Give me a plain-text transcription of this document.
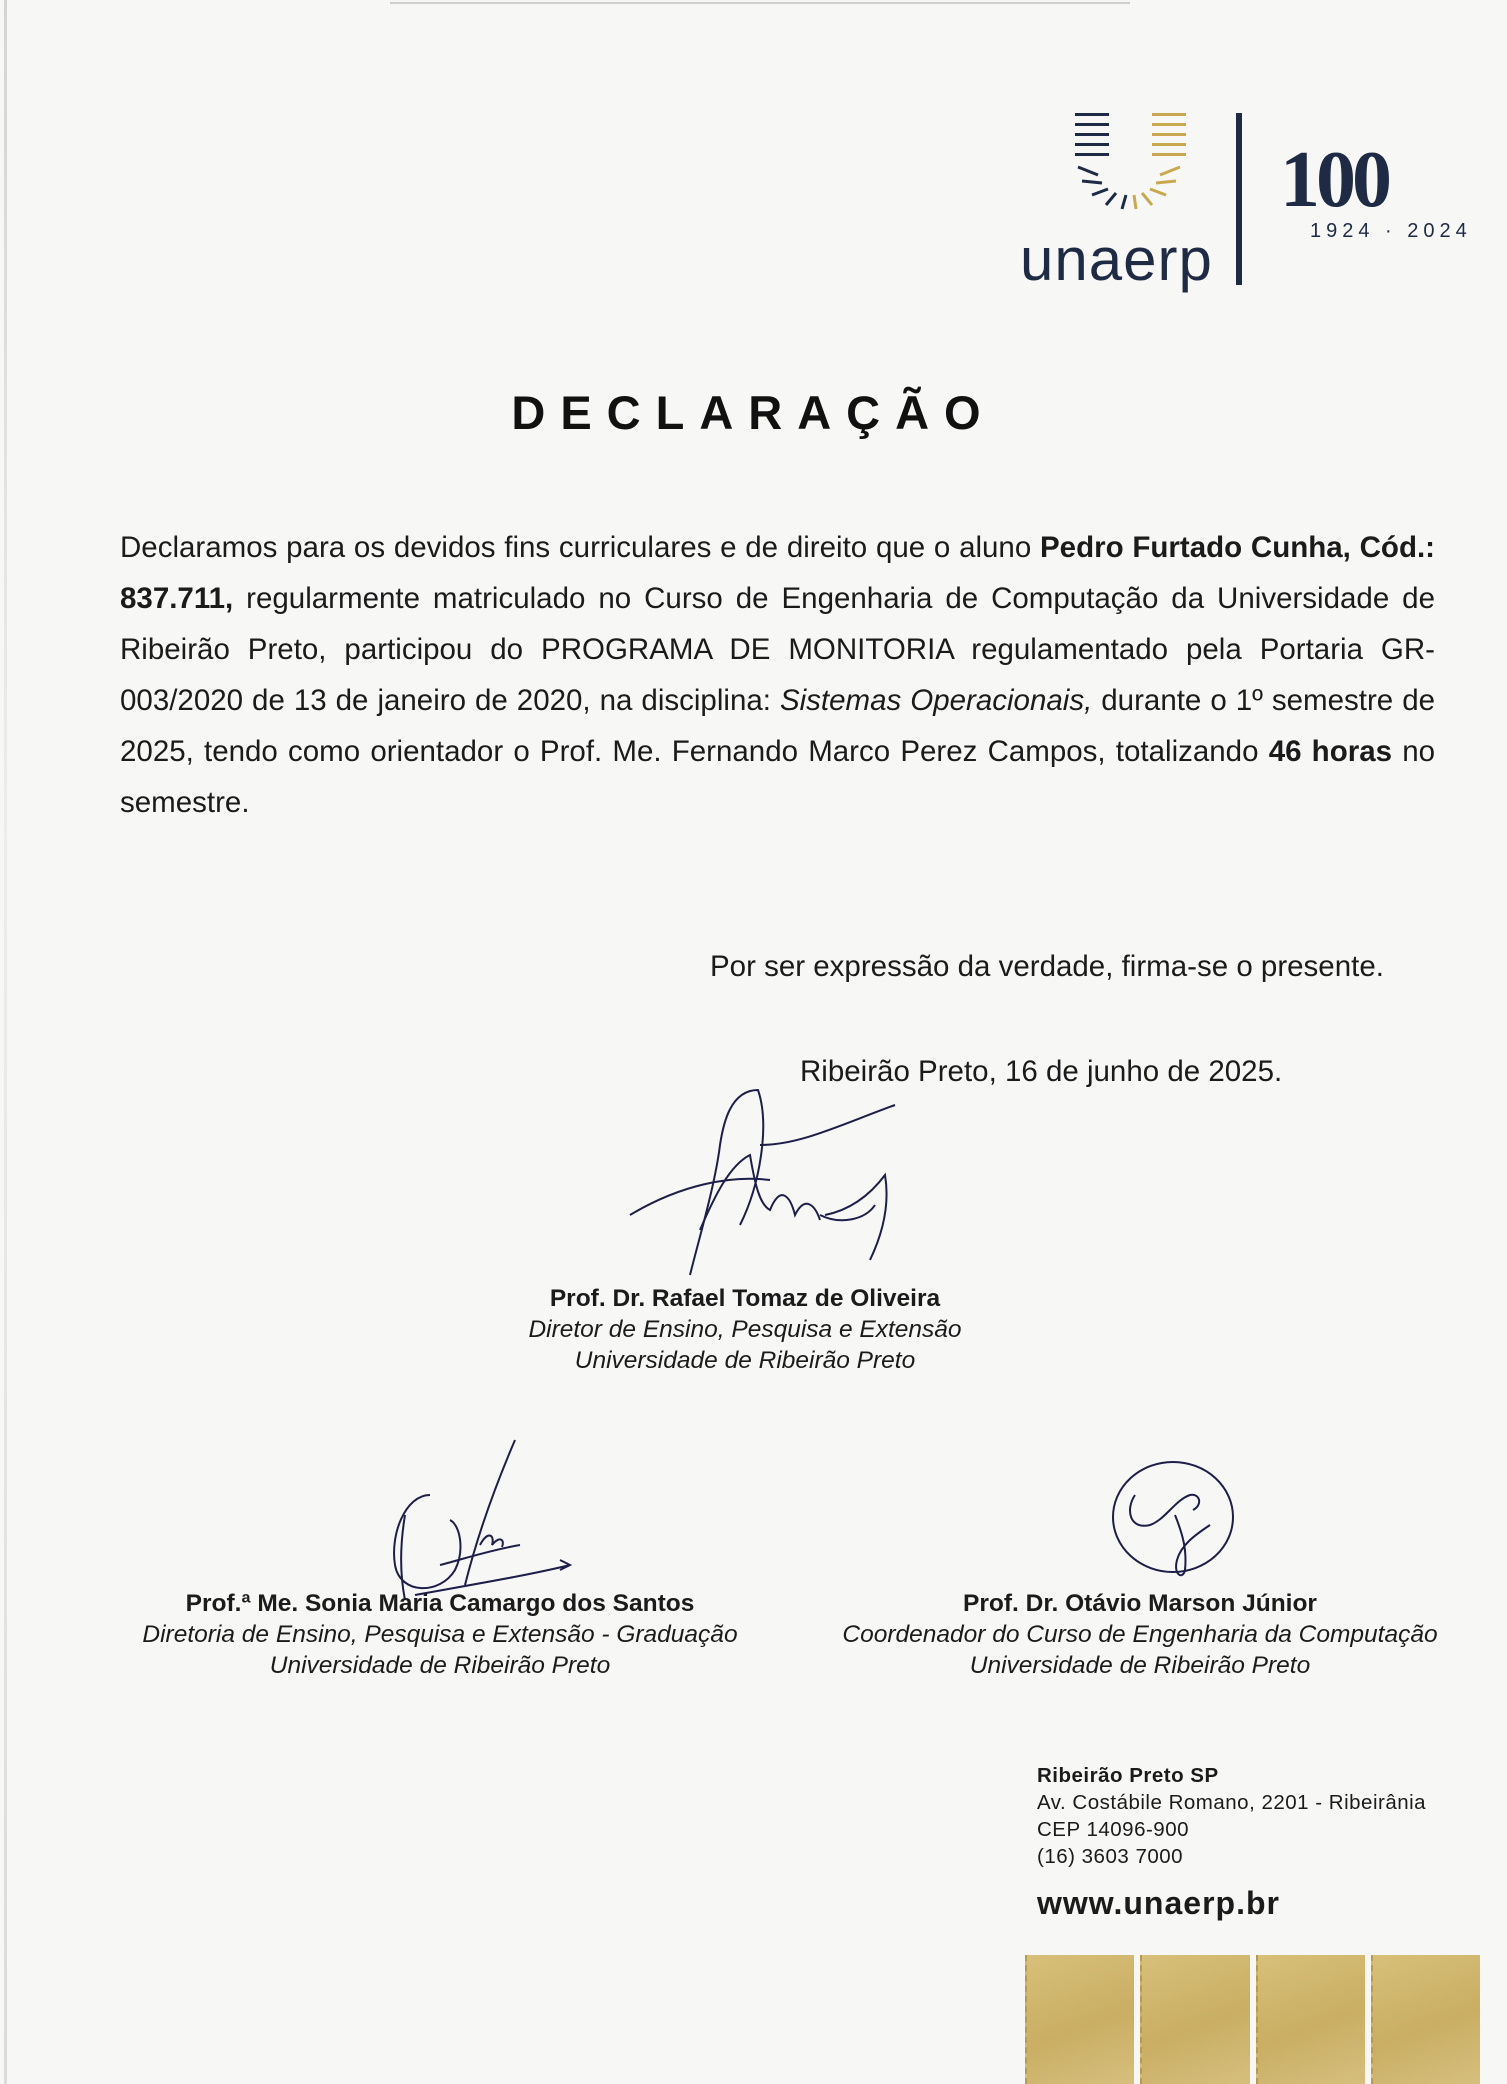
unaerp
100
1924 · 2024
DECLARAÇÃO
Declaramos para os devidos fins curriculares e de direito que o aluno Pedro Furtado Cunha, Cód.: 837.711, regularmente matriculado no Curso de Engenharia de Computação da Universidade de Ribeirão Preto, participou do PROGRAMA DE MONITORIA regulamentado pela Portaria GR-003/2020 de 13 de janeiro de 2020, na disciplina: Sistemas Operacionais, durante o 1º semestre de 2025, tendo como orientador o Prof. Me. Fernando Marco Perez Campos, totalizando 46 horas no semestre.
Por ser expressão da verdade, firma-se o presente.
Ribeirão Preto, 16 de junho de 2025.
Prof. Dr. Rafael Tomaz de Oliveira
Diretor de Ensino, Pesquisa e Extensão
Universidade de Ribeirão Preto
Prof.ª Me. Sonia Maria Camargo dos Santos
Diretoria de Ensino, Pesquisa e Extensão - Graduação
Universidade de Ribeirão Preto
Prof. Dr. Otávio Marson Júnior
Coordenador do Curso de Engenharia da Computação
Universidade de Ribeirão Preto
Ribeirão Preto SP
Av. Costábile Romano, 2201 - Ribeirânia
CEP 14096-900
(16) 3603 7000
www.unaerp.br
